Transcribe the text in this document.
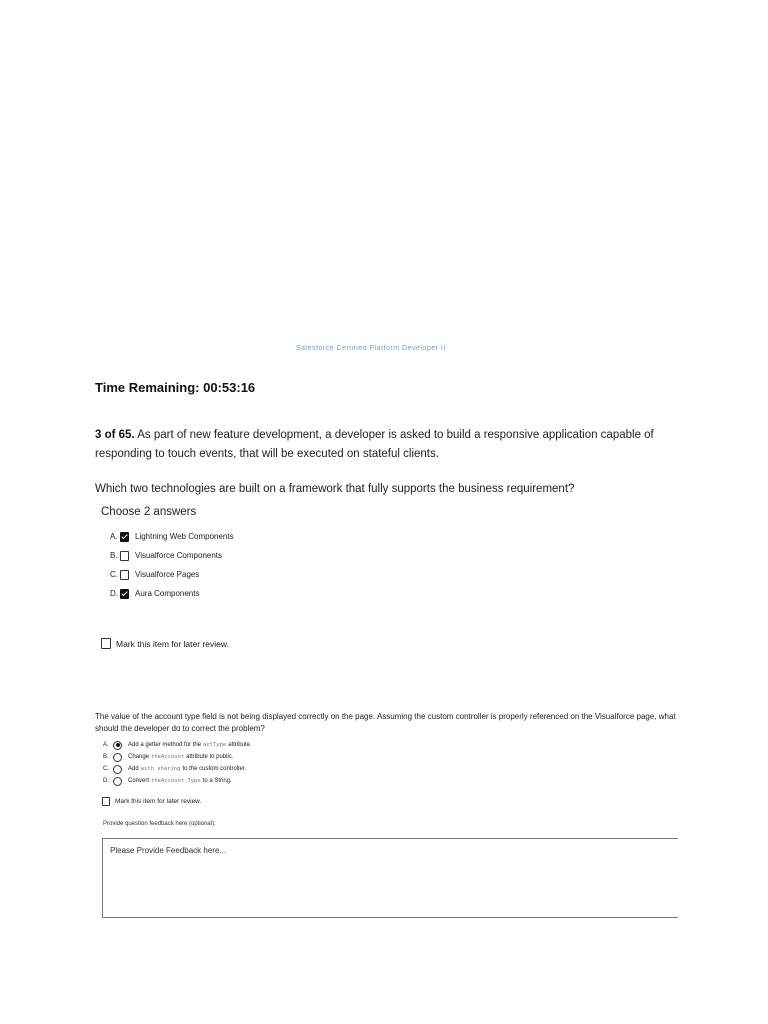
Salesforce Certified Platform Developer II
Time Remaining: 00:53:16
3 of 65. As part of new feature development, a developer is asked to build a responsive application capable of responding to touch events, that will be executed on stateful clients.
Which two technologies are built on a framework that fully supports the business requirement?
Choose 2 answers
A.	Lightning Web Components
B.	Visualforce Components
C. Visualforce Pages
D. Aura Components
Mark this item for later review.
The value of the account type field is not being displayed correctly on the page. Assuming the custom controller is properly referenced on the Visualforce page, what should the developer do to correct the problem?
A.	Add a getter method for the actType attribute.
B.	Change theAccount attribute to public.
C.	Add with sharing to the custom controller.
D.	Convert theAccount.Type to a String.
Mark this item for later review.
Provide question feedback here (optional):
Please Provide Feedback here...
